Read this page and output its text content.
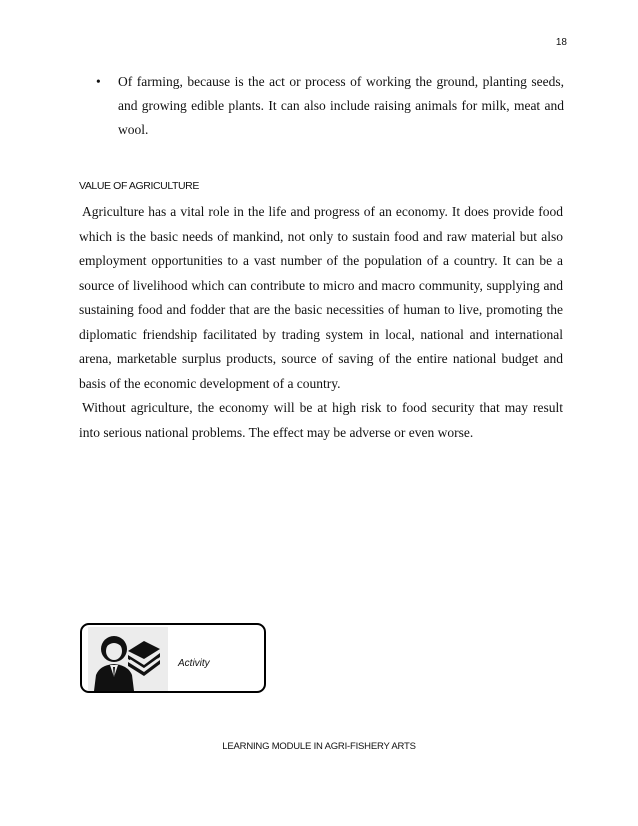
18
• Of farming, because is the act or process of working the ground, planting seeds, and growing edible plants. It can also include raising animals for milk, meat and wool.
VALUE OF AGRICULTURE

Agriculture has a vital role in the life and progress of an economy. It does provide food which is the basic needs of mankind, not only to sustain food and raw material but also employment opportunities to a vast number of the population of a country. It can be a source of livelihood which can contribute to micro and macro community, supplying and sustaining food and fodder that are the basic necessities of human to live, promoting the diplomatic friendship facilitated by trading system in local, national and international arena, marketable surplus products, source of saving of the entire national budget and basis of the economic development of a country.

Without agriculture, the economy will be at high risk to food security that may result into serious national problems. The effect may be adverse or even worse.

Activity
LEARNING MODULE IN AGRI-FISHERY ARTS
